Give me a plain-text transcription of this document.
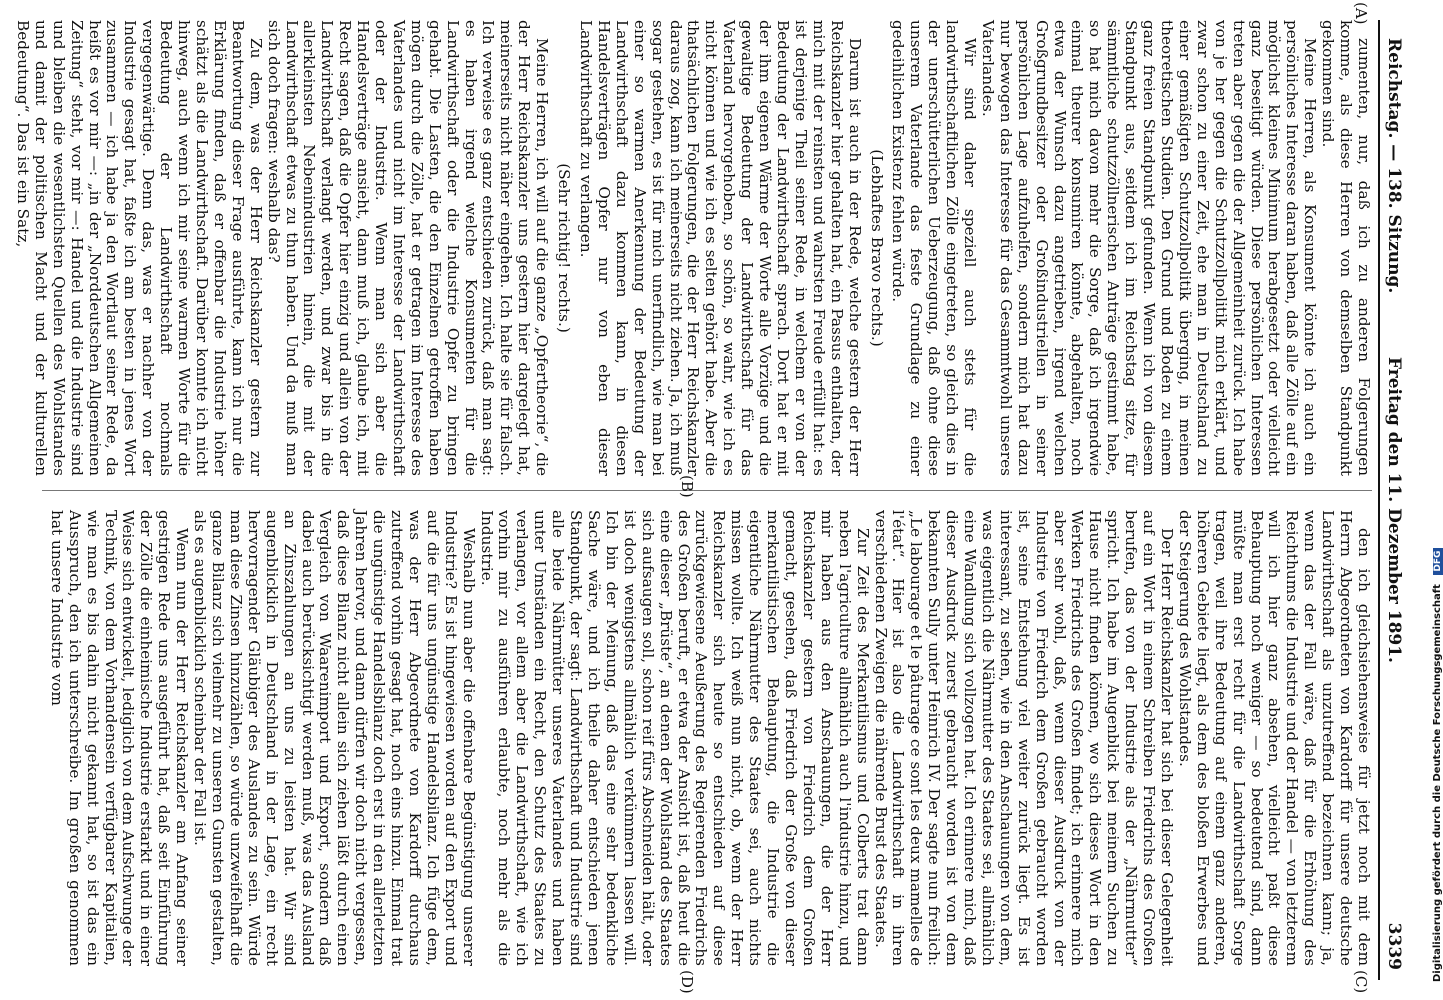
Reichstag. — 138. Sitzung.
Freitag den 11. Dezember 1891.
3339

zumenten, nur, daß ich zu anderen Folgerungen komme, als diese Herren von demselben Standpunkt gekommen sind.

Meine Herren, als Konsument könnte ich auch ein persönliches Interesse daran haben, daß alle Zölle auf ein möglichst kleines Minimum herabgesetzt oder vielleicht ganz beseitigt würden. Diese persönlichen Interessen treten aber gegen die der Allgemeinheit zurück. Ich habe von je her gegen die Schutzzollpolitik mich erklärt, und zwar schon zu einer Zeit, ehe man in Deutschland zu einer gemäßigten Schutzzollpolitik überging, in meinen theoretischen Studien. Den Grund und Boden zu einem ganz freien Standpunkt gefunden. Wenn ich von diesem Standpunkt aus, seitdem ich im Reichstag sitze, für sämmtliche schutzzöllnerischen Anträge gestimmt habe, so hat mich davon mehr die Sorge, daß ich irgendwie einmal theurer konsumiren könnte, abgehalten, noch etwa der Wunsch dazu angetrieben, irgend welchen Großgrundbesitzer oder Großindustriellen in seiner persönlichen Lage aufzuhelfen, sondern mich hat dazu nur bewogen das Interesse für das Gesammtwohl unseres Vaterlandes.

Wir sind daher speziell auch stets für die landwirthschaftlichen Zölle eingetreten, so gleich dies in der unerschütterlichen Ueberzeugung, daß ohne diese unserem Vaterlande das feste Grundlage zu einer gedeihlichen Existenz fehlen würde.

(Lebhaftes Bravo rechts.)

Darum ist auch in der Rede, welche gestern der Herr Reichskanzler hier gehalten hat, ein Passus enthalten, der mich mit der reinsten und wahrsten Freude erfüllt hat: es ist derjenige Theil seiner Rede, in welchem er von der Bedeutung der Landwirthschaft sprach. Dort hat er mit der ihm eigenen Wärme der Worte alle Vorzüge und die gewaltige Bedeutung der Landwirthschaft für das Vaterland hervorgehoben, so schön, so wahr, wie ich es nicht können und wie ich es selten gehört habe. Aber die thatsächlichen Folgerungen, die der Herr Reichskanzler daraus zog, kann ich meinerseits nicht ziehen. Ja, ich muß sogar gestehen, es ist für mich unerfindlich, wie man bei einer so warmen Anerkennung der Bedeutung der Landwirthschaft dazu kommen kann, in diesen Handelsverträgen Opfer nur von eben dieser Landwirthschaft zu verlangen.

(Sehr richtig! rechts.)

Meine Herren, ich will auf die ganze „Opfertheorie“, die der Herr Reichskanzler uns gestern hier dargelegt hat, meinerseits nicht näher eingehen. Ich halte sie für falsch. Ich verweise es ganz entschieden zurück, daß man sagt: es haben irgend welche Konsumenten für die Landwirthschaft oder die Industrie Opfer zu bringen gehabt. Die Lasten, die den Einzelnen getroffen haben mögen durch die Zölle, hat er getragen im Interesse des Vaterlandes und nicht im Interesse der Landwirthschaft oder der Industrie. Wenn man sich aber die Handelsverträge ansieht, dann muß ich, glaube ich, mit Recht sagen, daß die Opfer hier einzig und allein von der Landwirthschaft verlangt werden, und zwar bis in die allerkleinsten Nebenindustrien hinein, die mit der Landwirthschaft etwas zu thun haben. Und da muß man sich doch fragen: weshalb das?

Zu dem, was der Herr Reichskanzler gestern zur Beantwortung dieser Frage ausführte, kann ich nur die Erklärung finden, daß er offenbar die Industrie höher schätzt als die Landwirthschaft. Darüber konnte ich nicht hinweg, auch wenn ich mir seine warmen Worte für die Bedeutung der Landwirthschaft nochmals vergegenwärtige. Denn das, was er nachher von der Industrie gesagt hat, faßte ich am besten in jenes Wort zusammen — ich habe ja den Wortlaut seiner Rede, da heißt es vor mir —: „in der „Norddeutschen Allgemeinen Zeitung“ steht, vor mir —: Handel und die Industrie sind und bleiben die wesentlichsten Quellen des Wohlstandes und damit der politischen Macht und der kulturellen Bedeutung“. Das ist ein Satz,

den ich gleichsiehensweise für jetzt noch mit dem Herrn Abgeordneten von Kardorff für unsere deutsche Landwirthschaft als unzutreffend bezeichnen kann; ja, wenn das der Fall wäre, daß für die Erhöhung des Reichthums die Industrie und der Handel — von letzterem will ich hier ganz absehen, vielleicht paßt diese Behauptung noch weniger — so bedeutend sind, dann müßte man erst recht für die Landwirthschaft Sorge tragen, weil ihre Bedeutung auf einem ganz anderen, höheren Gebiete liegt, als dem des bloßen Erwerbes und der Steigerung des Wohlstandes.

Der Herr Reichskanzler hat sich bei dieser Gelegenheit auf ein Wort in einem Schreiben Friedrichs des Großen berufen, das von der Industrie als der „Nährmutter“ spricht. Ich habe im Augenblick bei meinem Suchen zu Hause nicht finden können, wo sich dieses Wort in den Werken Friedrichs des Großen findet; ich erinnere mich aber sehr wohl, daß, wenn dieser Ausdruck von der Industrie von Friedrich dem Großen gebraucht worden ist, seine Entstehung viel weiter zurück liegt. Es ist interessant, zu sehen, wie in den Anschauungen von dem, was eigentlich die Nährmutter des Staates sei, allmählich eine Wandlung sich vollzogen hat. Ich erinnere mich, daß dieser Ausdruck zuerst gebraucht worden ist von dem bekannten Sully unter Heinrich IV. Der sagte nun freilich: „Le labourage et le pâturage ce sont les deux mamelles de l'état“. Hier ist also die Landwirthschaft in ihren verschiedenen Zweigen die nährende Brust des Staates.

Zur Zeit des Merkantilismus und Colberts trat dann neben l'agriculture allmählich auch l'industrie hinzu, und mir haben aus den Anschauungen, die der Herr Reichskanzler gestern von Friedrich dem Großen gemacht, gesehen, daß Friedrich der Große von dieser merkantilistischen Behauptung, die Industrie die eigentliche Nährmutter des Staates sei, auch nichts missen wollte. Ich weiß nun nicht, ob, wenn der Herr Reichskanzler sich heute so entschieden auf diese zurückgewiesene Aeußerung des Regierenden Friedrichs des Großen beruft, er etwa der Ansicht ist, daß heut die eine dieser „Brüste“, an denen der Wohlstand des Staates sich aufsaugen soll, schon reif fürs Abschneiden hält, oder ist doch wenigstens allmählich verkümmern lassen will. Ich bin der Meinung, daß das eine sehr bedenkliche Sache wäre, und ich theile daher entschieden jenen Standpunkt, der sagt: Landwirthschaft und Industrie sind alle beide Nährmütter unseres Vaterlandes und haben unter Umständen ein Recht, den Schutz des Staates zu verlangen, vor allem aber die Landwirthschaft, wie ich vorhin mir zu ausführen erlaubte, noch mehr als die Industrie.

Weshalb nun aber die offenbare Begünstigung unserer Industrie? Es ist hingewiesen worden auf den Export und auf die für uns ungünstige Handelsbilanz. Ich füge dem, was der Herr Abgeordnete von Kardorff durchaus zutreffend vorhin gesagt hat, noch eins hinzu. Einmal trat die ungünstige Handelsbilanz doch erst in den allerletzten Jahren hervor, und dann dürfen wir doch nicht vergessen, daß diese Bilanz nicht allein sich ziehen läßt durch einen Vergleich von Waarenimport und Export, sondern daß dabei auch berücksichtigt werden muß, was das Ausland an Zinszahlungen an uns zu leisten hat. Wir sind augenblicklich in Deutschland in der Lage, ein recht hervorragender Gläubiger des Auslandes zu sein. Würde man diese Zinsen hinzuzählen, so würde unzweifelhaft die ganze Bilanz sich vielmehr zu unseren Gunsten gestalten, als es augenblicklich scheinbar der Fall ist.

Wenn nun der Herr Reichskanzler am Anfang seiner gestrigen Rede uns ausgeführt hat, daß seit Einführung der Zölle die einheimische Industrie erstarkt und in einer Weise sich entwickelt, lediglich von dem Aufschwunge der Technik, von dem Vorhandensein verfügbarer Kapitalien, wie man es bis dahin nicht gekannt hat, so ist das ein Ausspruch, den ich unterschreibe. Im großen genommen hat unsere Industrie vom

(A)
(B)
(C)
(D)	Digitalisierung gefördert durch die Deutsche Forschungsgemeinschaft DFG
